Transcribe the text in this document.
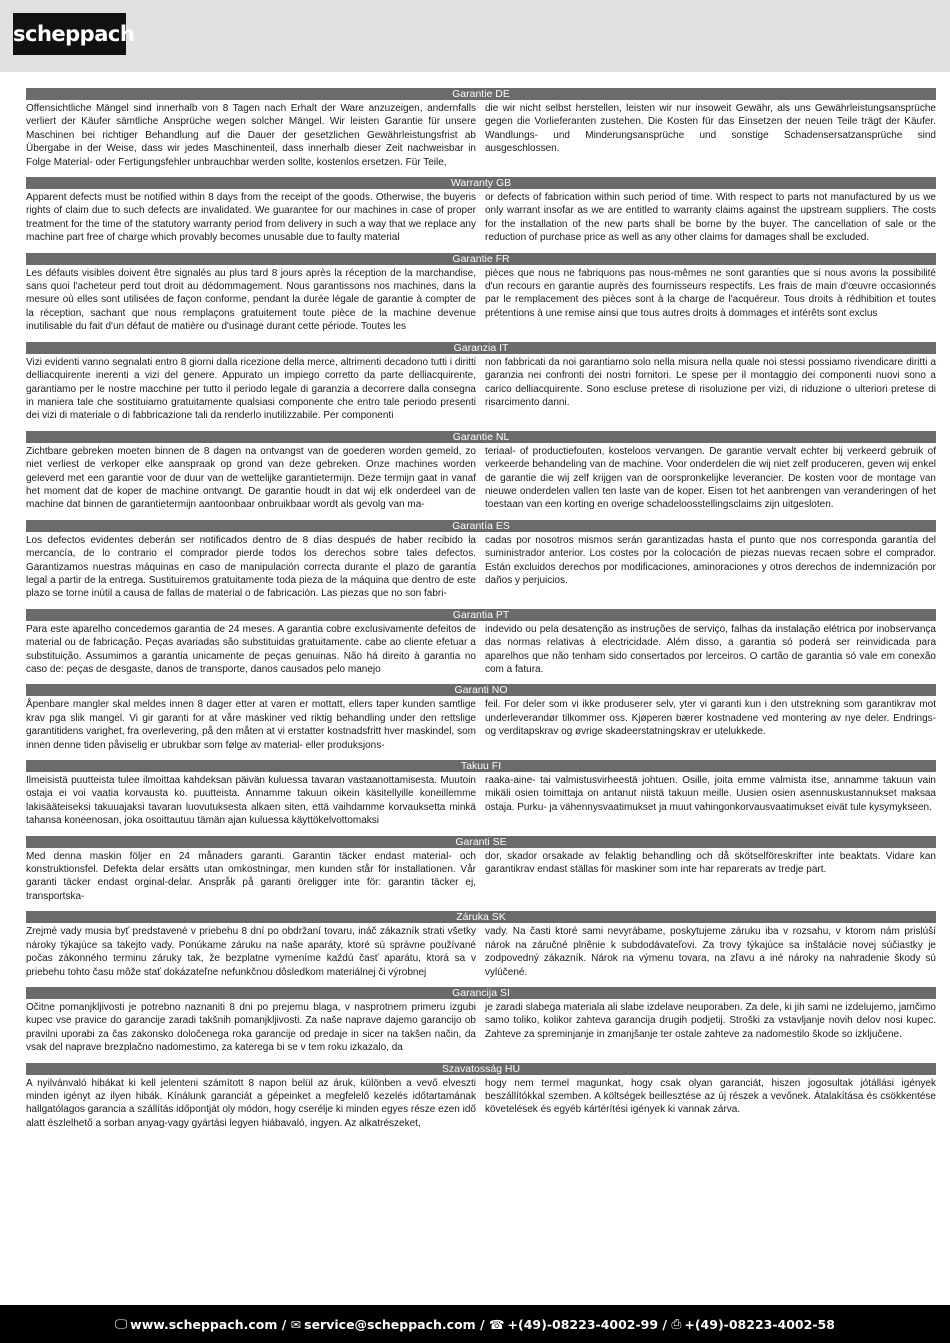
scheppach
Garantie DE
Offensichtliche Mängel sind innerhalb von 8 Tagen nach Erhalt der Ware anzuzeigen, andernfalls verliert der Käufer sämtliche Ansprüche wegen solcher Mängel. Wir leisten Garantie für unsere Maschinen bei richtiger Behandlung auf die Dauer der gesetzlichen Gewährleistungsfrist ab Übergabe in der Weise, dass wir jedes Maschinenteil, dass innerhalb dieser Zeit nachweisbar in Folge Material- oder Fertigungsfehler unbrauchbar werden sollte, kostenlos ersetzen. Für Teile,
die wir nicht selbst herstellen, leisten wir nur insoweit Gewähr, als uns Gewährleistungsansprüche gegen die Vorlieferanten zustehen. Die Kosten für das Einsetzen der neuen Teile trägt der Käufer. Wandlungs- und Minderungsansprüche und sonstige Schadensersatzansprüche sind ausgeschlossen.
Warranty GB
Apparent defects must be notified within 8 days from the receipt of the goods. Otherwise, the buyeris rights of claim due to such defects are invalidated. We guarantee for our machines in case of proper treatment for the time of the statutory warranty period from delivery in such a way that we replace any machine part free of charge which provably becomes unusable due to faulty material
or defects of fabrication within such period of time. With respect to parts not manufactured by us we only warrant insofar as we are entitled to warranty claims against the upstream suppliers. The costs for the installation of the new parts shall be borne by the buyer. The cancellation of sale or the reduction of purchase price as well as any other claims for damages shall be excluded.
Garantie FR
Les défauts visibles doivent être signalés au plus tard 8 jours après la réception de la marchandise, sans quoi l'acheteur perd tout droit au dédommagement. Nous garantissons nos machines, dans la mesure où elles sont utilisées de façon conforme, pendant la durée légale de garantie à compter de la réception, sachant que nous remplaçons gratuitement toute pièce de la machine devenue inutilisable du fait d'un défaut de matière ou d'usinage durant cette période. Toutes les
pièces que nous ne fabriquons pas nous-mêmes ne sont garanties que si nous avons la possibilité d'un recours en garantie auprès des fournisseurs respectifs. Les frais de main d'œuvre occasionnés par le remplacement des pièces sont à la charge de l'acquéreur. Tous droits à rédhibition et toutes prétentions à une remise ainsi que tous autres droits à dommages et intérêts sont exclus
Garanzia IT
Vizi evidenti vanno segnalati entro 8 giorni dalla ricezione della merce, altrimenti decadono tutti i diritti delliacquirente inerenti a vizi del genere. Appurato un impiego corretto da parte delliacquirente, garantiamo per le nostre macchine per tutto il periodo legale di garanzia a decorrere dalla consegna in maniera tale che sostituiamo gratuitamente qualsiasi componente che entro tale periodo presenti dei vizi di materiale o di fabbricazione tali da renderlo inutilizzabile. Per componenti
non fabbricati da noi garantiamo solo nella misura nella quale noi stessi possiamo rivendicare diritti a garanzia nei confronti dei nostri fornitori. Le spese per il montaggio dei componenti nuovi sono a carico delliacquirente. Sono escluse pretese di risoluzione per vizi, di riduzione o ulteriori pretese di risarcimento danni.
Garantie NL
Zichtbare gebreken moeten binnen de 8 dagen na ontvangst van de goederen worden gemeld, zo niet verliest de verkoper elke aanspraak op grond van deze gebreken. Onze machines worden geleverd met een garantie voor de duur van de wettelijke garantietermijn. Deze termijn gaat in vanaf het moment dat de koper de machine ontvangt. De garantie houdt in dat wij elk onderdeel van de machine dat binnen de garantietermijn aantoonbaar onbruikbaar wordt als gevolg van ma-
teriaal- of productiefouten, kosteloos vervangen. De garantie vervalt echter bij verkeerd gebruik of verkeerde behandeling van de machine. Voor onderdelen die wij niet zelf produceren, geven wij enkel de garantie die wij zelf krijgen van de oorspronkelijke leverancier. De kosten voor de montage van nieuwe onderdelen vallen ten laste van de koper. Eisen tot het aanbrengen van veranderingen of het toestaan van een korting en overige schadeloosstellingsclaims zijn uitgesloten.
Garantía ES
Los defectos evidentes deberán ser notificados dentro de 8 días después de haber recibido la mercancía, de lo contrario el comprador pierde todos los derechos sobre tales defectos. Garantizamos nuestras máquinas en caso de manipulación correcta durante el plazo de garantía legal a partir de la entrega. Sustituiremos gratuitamente toda pieza de la máquina que dentro de este plazo se torne inútil a causa de fallas de material o de fabricación. Las piezas que no son fabri-
cadas por nosotros mismos serán garantizadas hasta el punto que nos corresponda garantía del suministrador anterior. Los costes por la colocación de piezas nuevas recaen sobre el comprador. Están excluidos derechos por modificaciones, aminoraciones y otros derechos de indemnización por daños y perjuicios.
Garantia PT
Para este aparelho concedemos garantia de 24 meses. A garantia cobre exclusivamente defeitos de material ou de fabricação. Peças avariadas são substituidas gratuitamente. cabe ao cliente efetuar a substituição. Assumimos a garantia unicamente de peças genuinas. Não há direito à garantia no caso de: peças de desgaste, danos de transporte, danos causados pelo manejo
indevido ou pela desatenção as instruções de serviço, falhas da instalação elétrica por inobservança das normas relativas à electricidade. Além disso, a garantia só poderá ser reinvidicada para aparelhos que não tenham sido consertados por lerceiros. O cartão de garantia só vale em conexão com a fatura.
Garanti NO
Åpenbare mangler skal meldes innen 8 dager etter at varen er mottatt, ellers taper kunden samtlige krav pga slik mangel. Vi gir garanti for at våre maskiner ved riktig behandling under den rettslige garantitidens varighet, fra overlevering, på den måten at vi erstatter kostnadsfritt hver maskindel, som innen denne tiden påviselig er ubrukbar som følge av material- eller produksjons-
feil. For deler som vi ikke produserer selv, yter vi garanti kun i den utstrekning som garantikrav mot underleverandør tilkommer oss. Kjøperen bærer kostnadene ved montering av nye deler. Endrings- og verditapskrav og øvrige skadeerstatningskrav er utelukkede.
Takuu FI
Ilmeisistä puutteista tulee ilmoittaa kahdeksan päivän kuluessa tavaran vastaanottamisesta. Muutoin ostaja ei voi vaatia korvausta ko. puutteista. Annamme takuun oikein käsitellyille koneillemme lakisääteiseksi takuuajaksi tavaran luovutuksesta alkaen siten, että vaihdamme korvauksetta minkä tahansa koneenosan, joka osoittautuu tämän ajan kuluessa käyttökelvottomaksi
raaka-aine- tai valmistusvirheestä johtuen. Osille, joita emme valmista itse, annamme takuun vain mikäli osien toimittaja on antanut niistä takuun meille. Uusien osien asennuskustannukset maksaa ostaja. Purku- ja vähennysvaatimukset ja muut vahingonkorvausvaatimukset eivät tule kysymykseen.
Garanti SE
Med denna maskin följer en 24 månaders garanti. Garantin täcker endast material- och konstruktionsfel. Defekta delar ersätts utan omkostningar, men kunden står för installationen. Vår garanti täcker endast orginal-delar. Anspråk på garanti öreligger inte för: garantin täcker ej, transportska-
dor, skador orsakade av felaktig behandling och då skötselföreskrifter inte beaktats. Vidare kan garantikrav endast ställas för maskiner som inte har reparerats av tredje part.
Záruka SK
Zrejmé vady musia byť predstavené v priebehu 8 dní po obdržaní tovaru, ináč zákazník strati všetky nároky týkajúce sa takejto vady. Ponúkame záruku na naše aparáty, ktoré sú správne používané počas zákonného terminu záruky tak, že bezplatne vymeníme každú časť aparátu, ktorá sa v priebehu tohto času môže stať dokázateľne nefunkčnou dôsledkom materiálnej či výrobnej
vady. Na časti ktoré sami nevyrábame, poskytujeme záruku iba v rozsahu, v ktorom nám prislúší nárok na záručné plnênie k subdodávateľovi. Za trovy týkajúce sa inštalácie novej súčiastky je zodpovedný zákazník. Nárok na výmenu tovara, na zľavu a iné nároky na nahradenie škody sú vylúčené.
Garancija SI
Očitne pomanjkljivosti je potrebno naznaniti 8 dni po prejemu blaga, v nasprotnem primeru izgubi kupec vse pravice do garancije zaradi takšnih pomanjkljivosti. Za naše naprave dajemo garancijo ob pravilni uporabi za čas zakonsko določenega roka garancije od predaje in sicer na takšen način, da vsak del naprave brezplačno nadomestimo, za katerega bi se v tem roku izkazalo, da
je zaradi slabega materiala ali slabe izdelave neuporaben. Za dele, ki jih sami ne izdelujemo, jamčimo samo toliko, kolikor zahteva garancija drugih podjetij. Stroški za vstavljanje novih delov nosi kupec. Zahteve za spreminjanje in zmanjšanje ter ostale zahteve za nadomestilo škode so izključene.
Szavatosság HU
A nyilvánvaló hibákat ki kell jelenteni számított 8 napon belül az áruk, különben a vevő elveszti minden igényt az ilyen hibák. Kínálunk garanciát a gépeinket a megfelelő kezelés időtartamának hallgatólagos garancia a szállítás időpontját oly módon, hogy cserélje ki minden egyes része ezen idő alatt észlelhető a sorban anyag-vagy gyártási legyen hiábavaló, ingyen. Az alkatrészeket,
hogy nem termel magunkat, hogy csak olyan garanciát, hiszen jogosultak jótállási igények beszállítókkal szemben. A költségek beillesztése az új részek a vevőnek. Átalakítása és csökkentése követelések és egyéb kártérítési igények ki vannak zárva.
🖵 www.scheppach.com /
✉ service@scheppach.com /
☎ +(49)-08223-4002-99 /
⎙ +(49)-08223-4002-58
